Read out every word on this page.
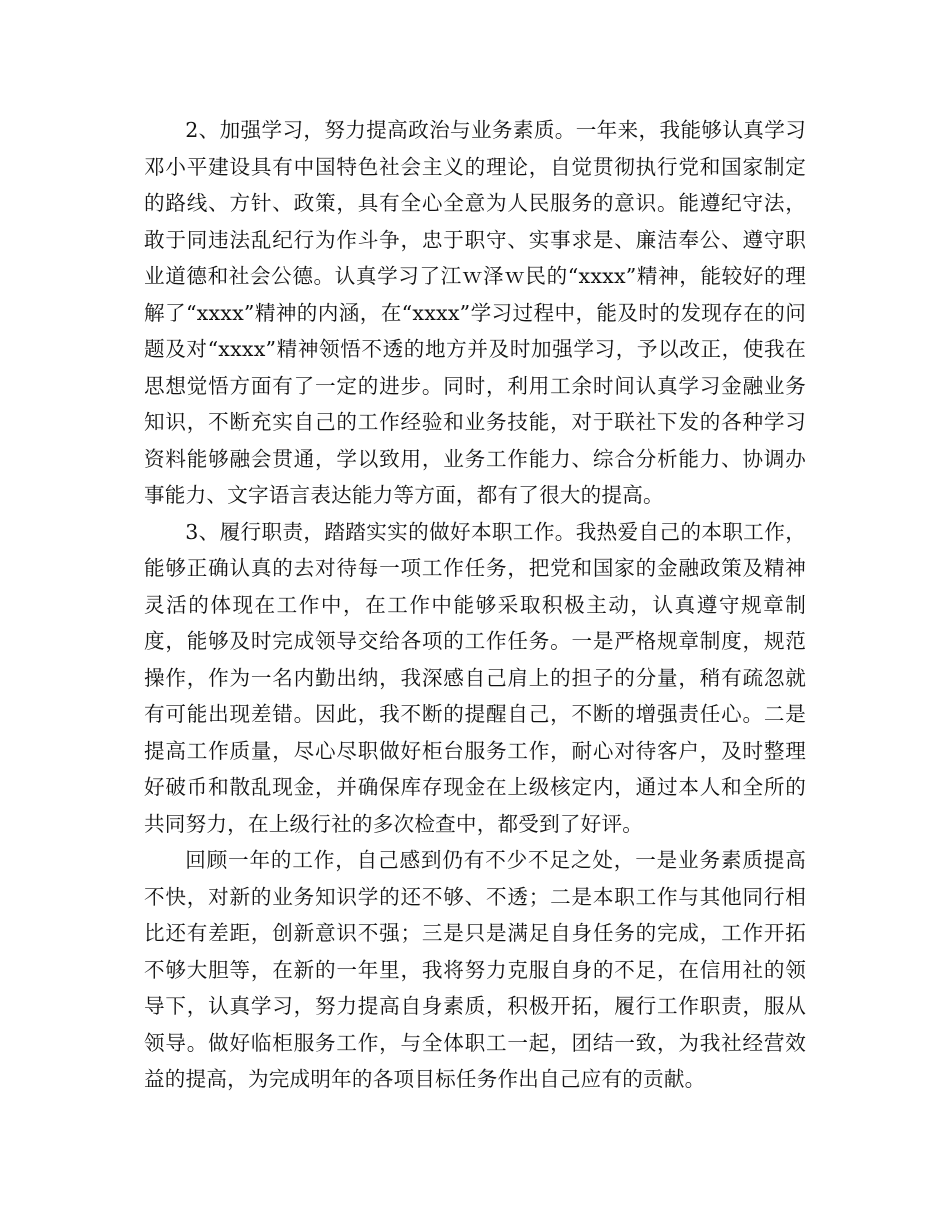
2、加强学习，努力提高政治与业务素质。一年来，我能够认真学习邓小平建设具有中国特色社会主义的理论，自觉贯彻执行党和国家制定的路线、方针、政策，具有全心全意为人民服务的意识。能遵纪守法，敢于同违法乱纪行为作斗争，忠于职守、实事求是、廉洁奉公、遵守职业道德和社会公德。认真学习了江ｗ泽ｗ民的“xxxx”精神，能较好的理解了“xxxx”精神的内涵，在“xxxx”学习过程中，能及时的发现存在的问题及对“xxxx”精神领悟不透的地方并及时加强学习，予以改正，使我在思想觉悟方面有了一定的进步。同时，利用工余时间认真学习金融业务知识，不断充实自己的工作经验和业务技能，对于联社下发的各种学习资料能够融会贯通，学以致用，业务工作能力、综合分析能力、协调办事能力、文字语言表达能力等方面，都有了很大的提高。

3、履行职责，踏踏实实的做好本职工作。我热爱自己的本职工作，能够正确认真的去对待每一项工作任务，把党和国家的金融政策及精神灵活的体现在工作中，在工作中能够采取积极主动，认真遵守规章制度，能够及时完成领导交给各项的工作任务。一是严格规章制度，规范操作，作为一名内勤出纳，我深感自己肩上的担子的分量，稍有疏忽就有可能出现差错。因此，我不断的提醒自己，不断的增强责任心。二是提高工作质量，尽心尽职做好柜台服务工作，耐心对待客户，及时整理好破币和散乱现金，并确保库存现金在上级核定内，通过本人和全所的共同努力，在上级行社的多次检查中，都受到了好评。

回顾一年的工作，自己感到仍有不少不足之处，一是业务素质提高不快，对新的业务知识学的还不够、不透；二是本职工作与其他同行相比还有差距，创新意识不强；三是只是满足自身任务的完成，工作开拓不够大胆等，在新的一年里，我将努力克服自身的不足，在信用社的领导下，认真学习，努力提高自身素质，积极开拓，履行工作职责，服从领导。做好临柜服务工作，与全体职工一起，团结一致，为我社经营效益的提高，为完成明年的各项目标任务作出自己应有的贡献。
